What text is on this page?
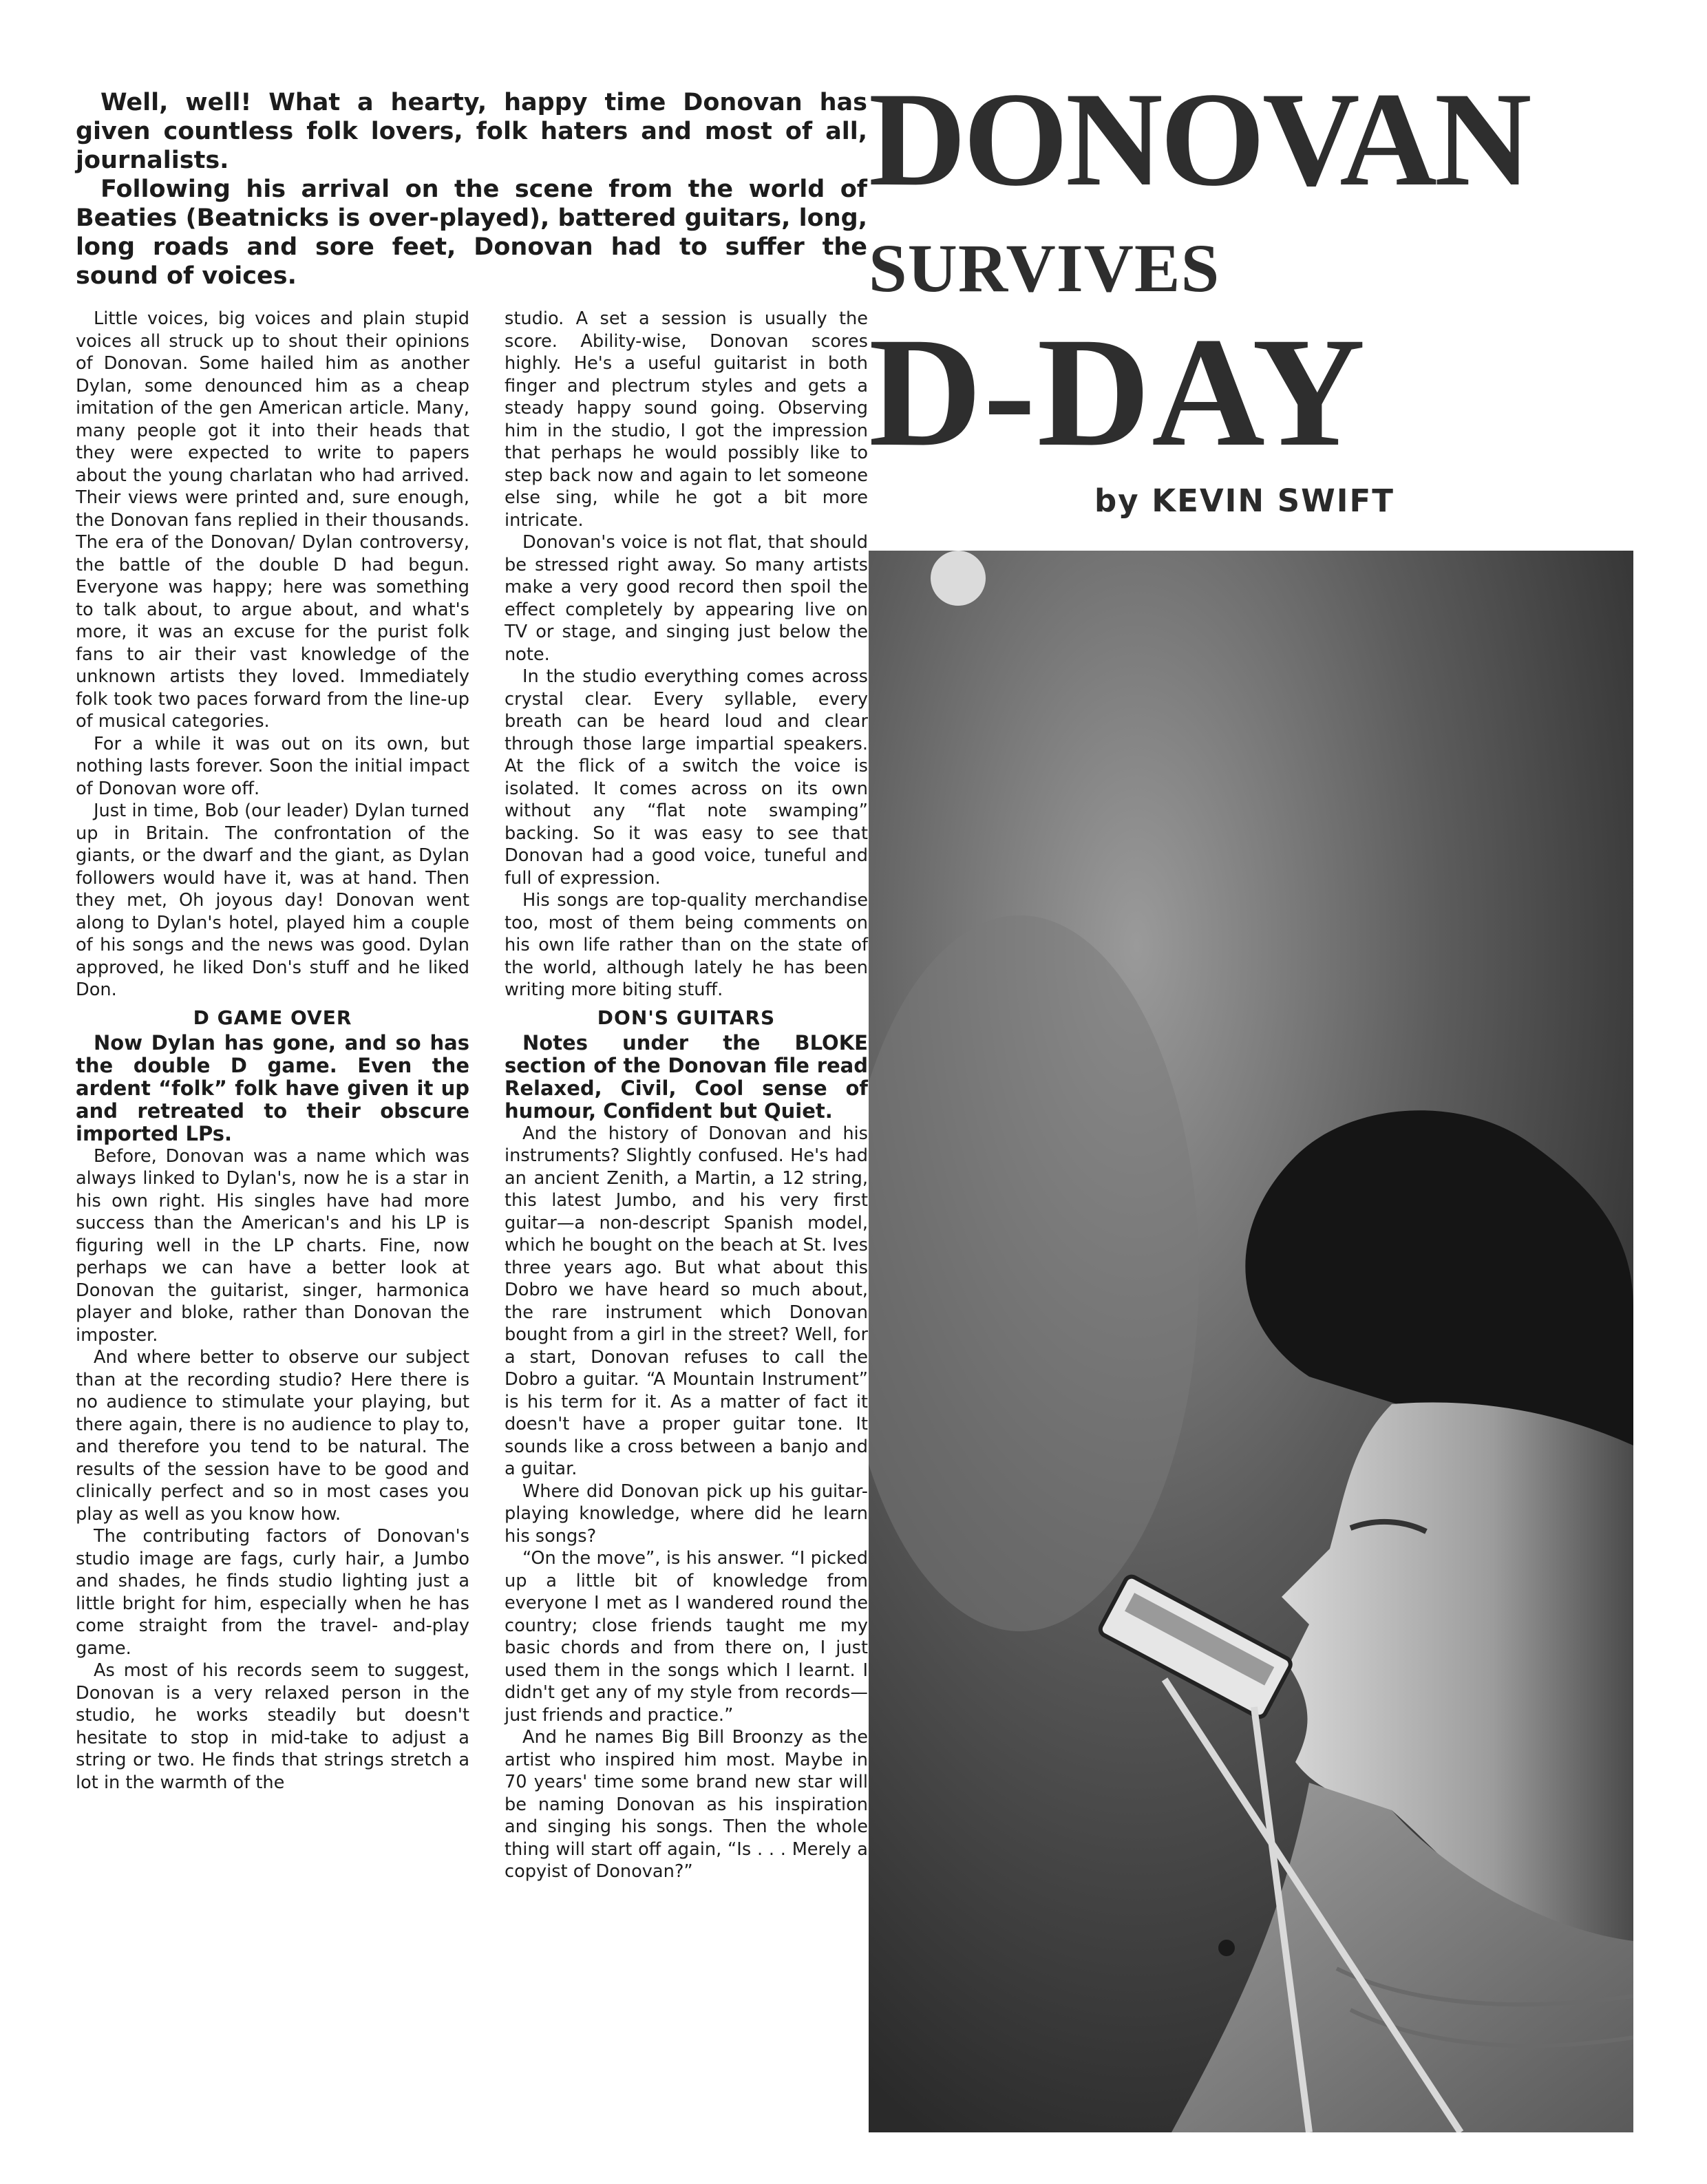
Well, well! What a hearty, happy time Donovan has given countless folk lovers, folk haters and most of all, journalists.

Following his arrival on the scene from the world of Beaties (Beatnicks is over-played), battered guitars, long, long roads and sore feet, Donovan had to suffer the sound of voices.

DONOVAN
SURVIVES
D-DAY
by KEVIN SWIFT

Little voices, big voices and plain stupid voices all struck up to shout their opinions of Donovan. Some hailed him as another Dylan, some denounced him as a cheap imitation of the gen American article. Many, many people got it into their heads that they were expected to write to papers about the young charlatan who had arrived. Their views were printed and, sure enough, the Donovan fans replied in their thousands. The era of the Donovan/ Dylan controversy, the battle of the double D had begun. Everyone was happy; here was something to talk about, to argue about, and what's more, it was an excuse for the purist folk fans to air their vast knowledge of the unknown artists they loved. Immediately folk took two paces forward from the line-up of musical categories.

For a while it was out on its own, but nothing lasts forever. Soon the initial impact of Donovan wore off.

Just in time, Bob (our leader) Dylan turned up in Britain. The confrontation of the giants, or the dwarf and the giant, as Dylan followers would have it, was at hand. Then they met, Oh joyous day! Donovan went along to Dylan's hotel, played him a couple of his songs and the news was good. Dylan approved, he liked Don's stuff and he liked Don.

D GAME OVER

Now Dylan has gone, and so has the double D game. Even the ardent “folk” folk have given it up and retreated to their obscure imported LPs.

Before, Donovan was a name which was always linked to Dylan's, now he is a star in his own right. His singles have had more success than the American's and his LP is figuring well in the LP charts. Fine, now perhaps we can have a better look at Donovan the guitarist, singer, harmonica player and bloke, rather than Donovan the imposter.

And where better to observe our subject than at the recording studio? Here there is no audience to stimulate your playing, but there again, there is no audience to play to, and therefore you tend to be natural. The results of the session have to be good and clinically perfect and so in most cases you play as well as you know how.

The contributing factors of Donovan's studio image are fags, curly hair, a Jumbo and shades, he finds studio lighting just a little bright for him, especially when he has come straight from the travel- and-play game.

As most of his records seem to suggest, Donovan is a very relaxed person in the studio, he works steadily but doesn't hesitate to stop in mid-take to adjust a string or two. He finds that strings stretch a lot in the warmth of the

studio. A set a session is usually the score. Ability-wise, Donovan scores highly. He's a useful guitarist in both finger and plectrum styles and gets a steady happy sound going. Observing him in the studio, I got the impression that perhaps he would possibly like to step back now and again to let someone else sing, while he got a bit more intricate.

Donovan's voice is not flat, that should be stressed right away. So many artists make a very good record then spoil the effect completely by appearing live on TV or stage, and singing just below the note.

In the studio everything comes across crystal clear. Every syllable, every breath can be heard loud and clear through those large impartial speakers. At the flick of a switch the voice is isolated. It comes across on its own without any “flat note swamping” backing. So it was easy to see that Donovan had a good voice, tuneful and full of expression.

His songs are top-quality merchandise too, most of them being comments on his own life rather than on the state of the world, although lately he has been writing more biting stuff.

DON'S GUITARS

Notes under the BLOKE section of the Donovan file read Relaxed, Civil, Cool sense of humour, Confident but Quiet.

And the history of Donovan and his instruments? Slightly confused. He's had an ancient Zenith, a Martin, a 12 string, this latest Jumbo, and his very first guitar—a non-descript Spanish model, which he bought on the beach at St. Ives three years ago. But what about this Dobro we have heard so much about, the rare instrument which Donovan bought from a girl in the street? Well, for a start, Donovan refuses to call the Dobro a guitar. “A Mountain Instrument” is his term for it. As a matter of fact it doesn't have a proper guitar tone. It sounds like a cross between a banjo and a guitar.

Where did Donovan pick up his guitar-playing knowledge, where did he learn his songs?

“On the move”, is his answer. “I picked up a little bit of knowledge from everyone I met as I wandered round the country; close friends taught me my basic chords and from there on, I just used them in the songs which I learnt. I didn't get any of my style from records—just friends and practice.”

And he names Big Bill Broonzy as the artist who inspired him most. Maybe in 70 years' time some brand new star will be naming Donovan as his inspiration and singing his songs. Then the whole thing will start off again, “Is . . . Merely a copyist of Donovan?”
